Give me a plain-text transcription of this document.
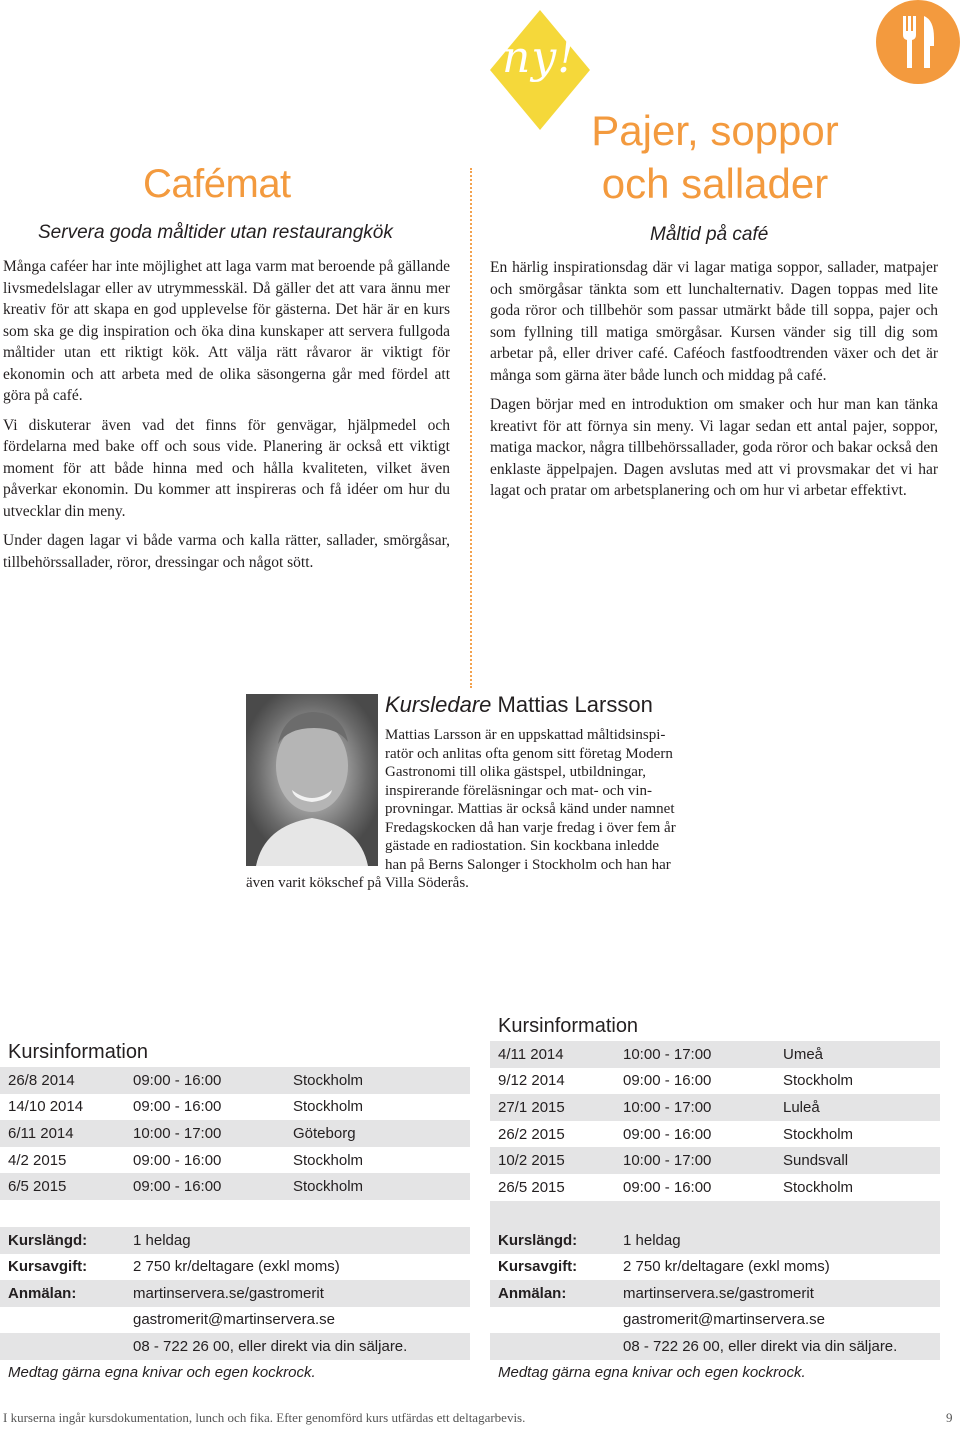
ny!
Cafémat
Servera goda måltider utan restaurangkök

Många caféer har inte möjlighet att laga varm mat beroende på gällande livsmedelslagar eller av utrymmesskäl. Då gäller det att vara ännu mer kreativ för att skapa en god upplevelse för gästerna. Det här är en kurs som ska ge dig inspiration och öka dina kunskaper att servera fullgoda måltider utan ett riktigt kök. Att välja rätt råvaror är viktigt för ekonomin och att arbeta med de olika säsongerna går med fördel att göra på café.

Vi diskuterar även vad det finns för genvägar, hjälpmedel och fördelarna med bake off och sous vide. Planering är också ett viktigt moment för att både hinna med och hålla kvaliteten, vilket även påverkar ekonomin. Du kommer att inspireras och få idéer om hur du utvecklar din meny.

Under dagen lagar vi både varma och kalla rätter, sallader, smörgåsar, tillbehörssallader, röror, dressingar och något sött.

Pajer, soppor
och sallader
Måltid på café

En härlig inspirationsdag där vi lagar matiga soppor, sallader, matpajer och smörgåsar tänkta som ett lunchalternativ. Dagen toppas med lite goda röror och tillbehör som passar utmärkt både till soppa, pajer och som fyllning till matiga smörgåsar. Kursen vänder sig till dig som arbetar på, eller driver café. Caféoch fastfoodtrenden växer och det är många som gärna äter både lunch och middag på café.

Dagen börjar med en introduktion om smaker och hur man kan tänka kreativt för att förnya sin meny. Vi lagar sedan ett antal pajer, soppor, matiga mackor, några tillbehörssallader, goda röror och bakar också den enklaste äppelpajen. Dagen avslutas med att vi provsmakar det vi har lagat och pratar om arbetsplanering och om hur vi arbetar effektivt.

Kursledare Mattias Larsson
Mattias Larsson är en uppskattad måltidsinspi-
ratör och anlitas ofta genom sitt företag Modern
Gastronomi till olika gästspel, utbildningar,
inspirerande föreläsningar och mat- och vin-
provningar. Mattias är också känd under namnet
Fredagskocken då han varje fredag i över fem år
gästade en radiostation. Sin kockbana inledde
han på Berns Salonger i Stockholm och han har
även varit kökschef på Villa Söderås.
Kursinformation
26/8 2014	09:00 - 16:00	Stockholm
14/10 2014	09:00 - 16:00	Stockholm
6/11 2014	10:00 - 17:00	Göteborg
4/2 2015	09:00 - 16:00	Stockholm
6/5 2015	09:00 - 16:00	Stockholm
Kurslängd:	1 heldag
Kursavgift:	2 750 kr/deltagare (exkl moms)
Anmälan:	martinservera.se/gastromerit
gastromerit@martinservera.se
08 - 722 26 00, eller direkt via din säljare.
Medtag gärna egna knivar och egen kockrock.
Kursinformation
4/11 2014	10:00 - 17:00	Umeå
9/12 2014	09:00 - 16:00	Stockholm
27/1 2015	10:00 - 17:00	Luleå
26/2 2015	09:00 - 16:00	Stockholm
10/2 2015	10:00 - 17:00	Sundsvall
26/5 2015	09:00 - 16:00	Stockholm

Kurslängd:	1 heldag
Kursavgift:	2 750 kr/deltagare (exkl moms)
Anmälan:	martinservera.se/gastromerit
gastromerit@martinservera.se
08 - 722 26 00, eller direkt via din säljare.
Medtag gärna egna knivar och egen kockrock.
I kurserna ingår kursdokumentation, lunch och fika. Efter genomförd kurs utfärdas ett deltagarbevis.	9
